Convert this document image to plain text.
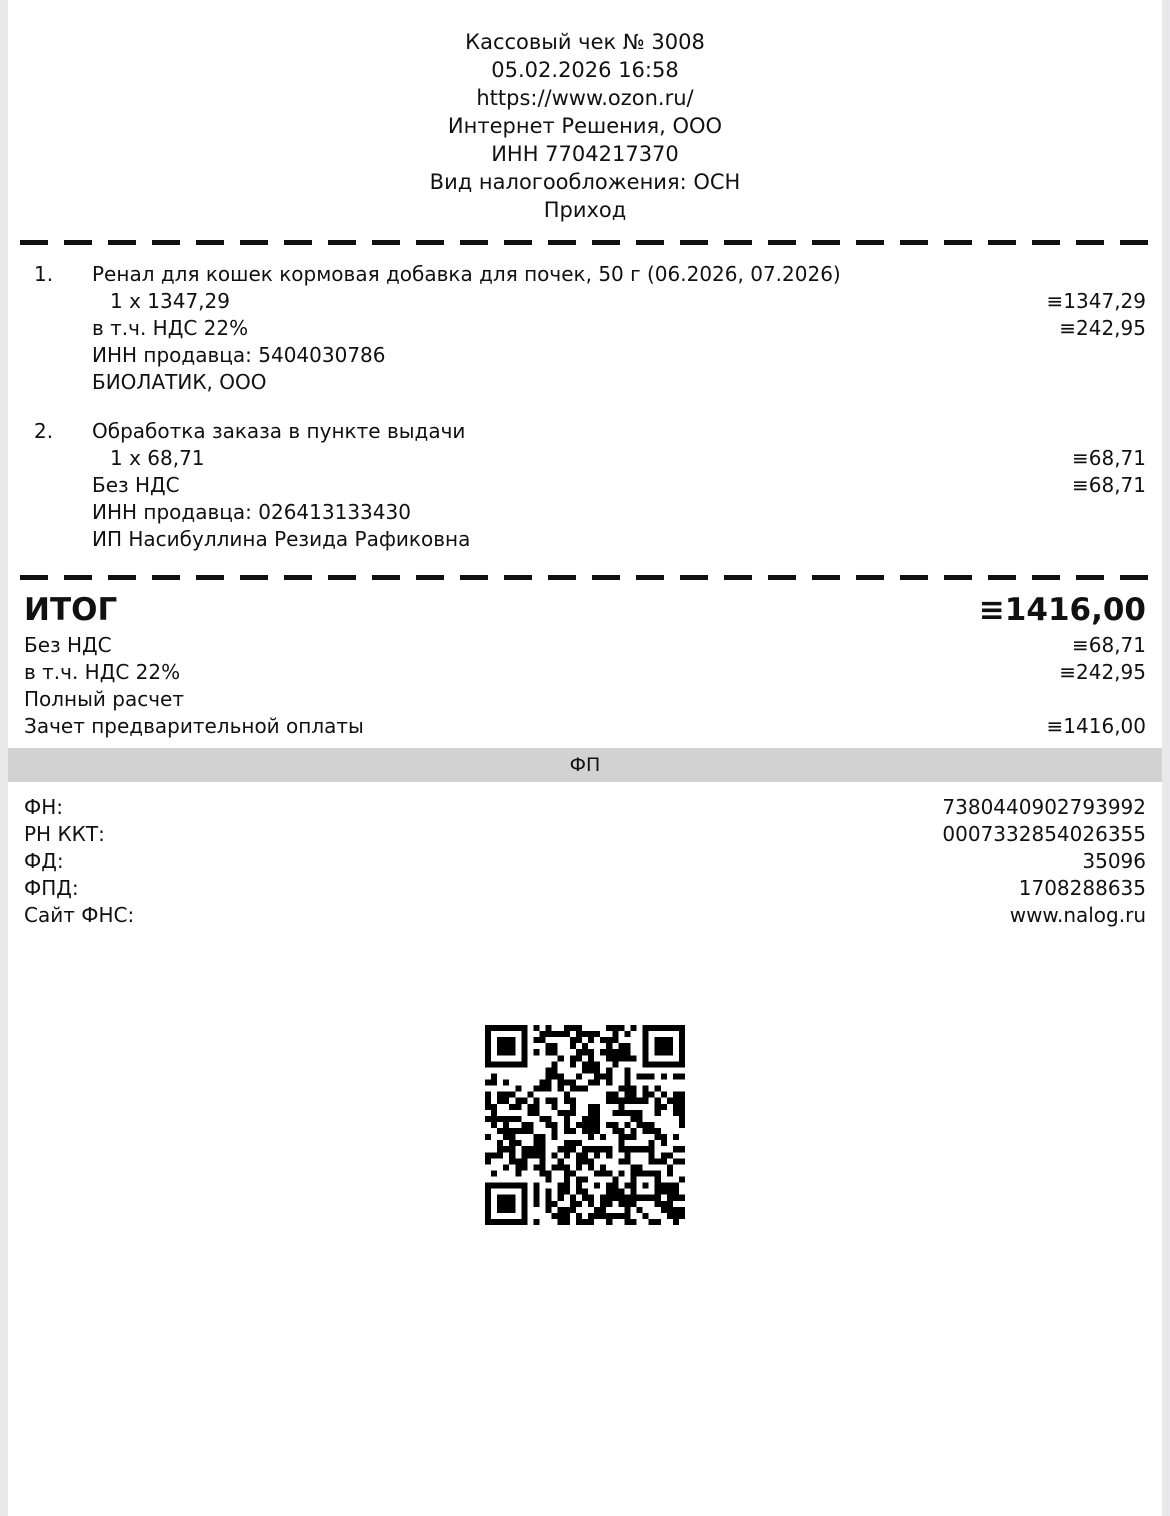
Кассовый чек № 3008
05.02.2026 16:58
https://www.ozon.ru/
Интернет Решения, ООО
ИНН 7704217370
Вид налогообложения: ОСН
Приход
1.	Ренал для кошек кормовая добавка для почек, 50 г (06.2026, 07.2026)
1 x 1347,29	≡1347,29
в т.ч. НДС 22%	≡242,95
ИНН продавца: 5404030786
БИОЛАТИК, ООО
2.	Обработка заказа в пункте выдачи
1 x 68,71	≡68,71
Без НДС	≡68,71
ИНН продавца: 026413133430
ИП Насибуллина Резида Рафиковна
ИТОГ	≡1416,00
Без НДС	≡68,71
в т.ч. НДС 22%	≡242,95
Полный расчет
Зачет предварительной оплаты	≡1416,00
ФП
ФН:	7380440902793992
РН ККТ:	0007332854026355
ФД:	35096
ФПД:	1708288635
Сайт ФНС:	www.nalog.ru
